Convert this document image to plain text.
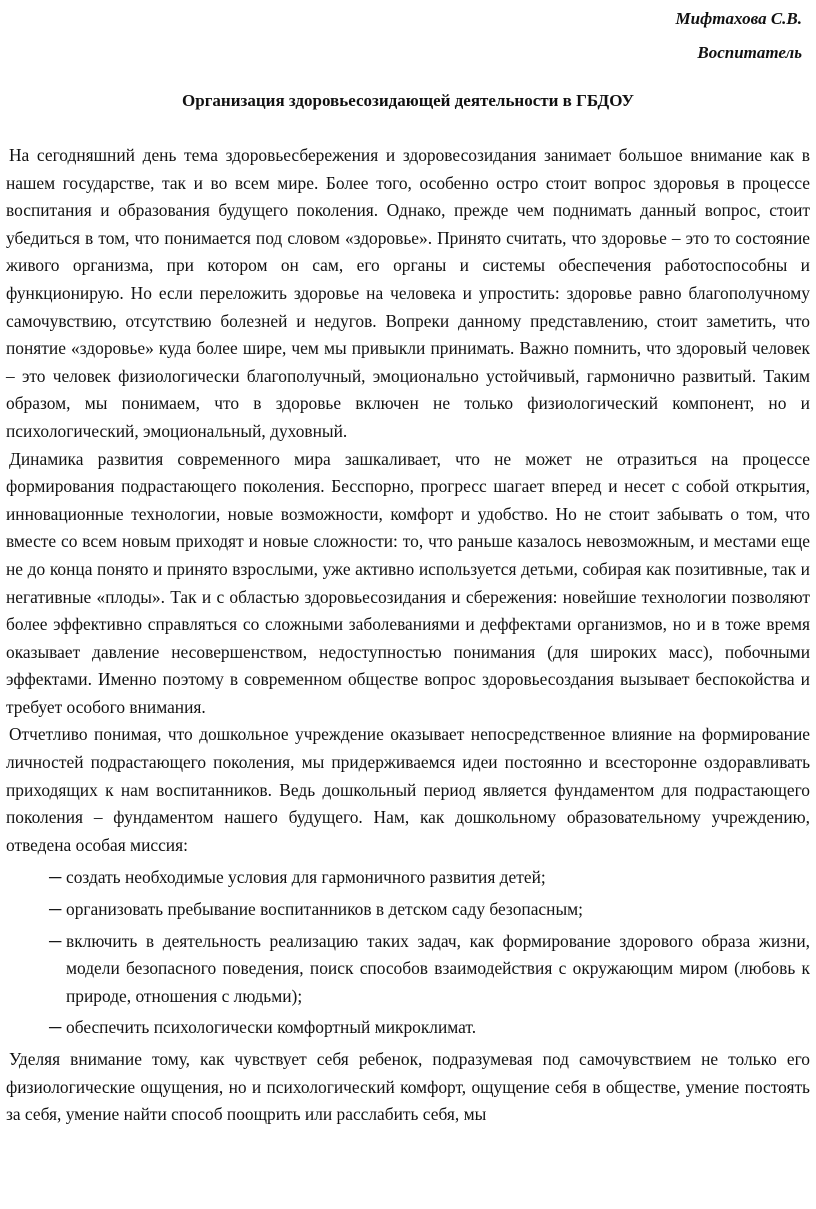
Мифтахова С.В.
Воспитатель
Организация здоровьесозидающей деятельности в ГБДОУ

На сегодняшний день тема здоровьесбережения и здоровесозидания занимает большое внимание как в нашем государстве, так и во всем мире. Более того, особенно остро стоит вопрос здоровья в процессе воспитания и образования будущего поколения. Однако, прежде чем поднимать данный вопрос, стоит убедиться в том, что понимается под словом «здоровье». Принято считать, что здоровье – это то состояние живого организма, при котором он сам, его органы и системы обеспечения работоспособны и функционирую. Но если переложить здоровье на человека и упростить: здоровье равно благополучному самочувствию, отсутствию болезней и недугов. Вопреки данному представлению, стоит заметить, что понятие «здоровье» куда более шире, чем мы привыкли принимать. Важно помнить, что здоровый человек – это человек физиологически благополучный, эмоционально устойчивый, гармонично развитый. Таким образом, мы понимаем, что в здоровье включен не только физиологический компонент, но и психологический, эмоциональный, духовный.

Динамика развития современного мира зашкаливает, что не может не отразиться на процессе формирования подрастающего поколения. Бесспорно, прогресс шагает вперед и несет с собой открытия, инновационные технологии, новые возможности, комфорт и удобство. Но не стоит забывать о том, что вместе со всем новым приходят и новые сложности: то, что раньше казалось невозможным, и местами еще не до конца понято и принято взрослыми, уже активно используется детьми, собирая как позитивные, так и негативные «плоды». Так и с областью здоровьесозидания и сбережения: новейшие технологии позволяют более эффективно справляться со сложными заболеваниями и деффектами организмов, но и в тоже время оказывает давление несовершенством, недоступностью понимания (для широких масс), побочными эффектами. Именно поэтому в современном обществе вопрос здоровьесоздания вызывает беспокойства и требует особого внимания.

Отчетливо понимая, что дошкольное учреждение оказывает непосредственное влияние на формирование личностей подрастающего поколения, мы придерживаемся идеи постоянно и всесторонне оздоравливать приходящих к нам воспитанников. Ведь дошкольный период является фундаментом для подрастающего поколения – фундаментом нашего будущего. Нам, как дошкольному образовательному учреждению, отведена особая миссия:

─ создать необходимые условия для гармоничного развития детей;
─ организовать пребывание воспитанников в детском саду безопасным;
─ включить в деятельность реализацию таких задач, как формирование здорового образа жизни, модели безопасного поведения, поиск способов взаимодействия с окружающим миром (любовь к природе, отношения с людьми);
─ обеспечить психологически комфортный микроклимат.

Уделяя внимание тому, как чувствует себя ребенок, подразумевая под самочувствием не только его физиологические ощущения, но и психологический комфорт, ощущение себя в обществе, умение постоять за себя, умение найти способ поощрить или расслабить себя, мы
